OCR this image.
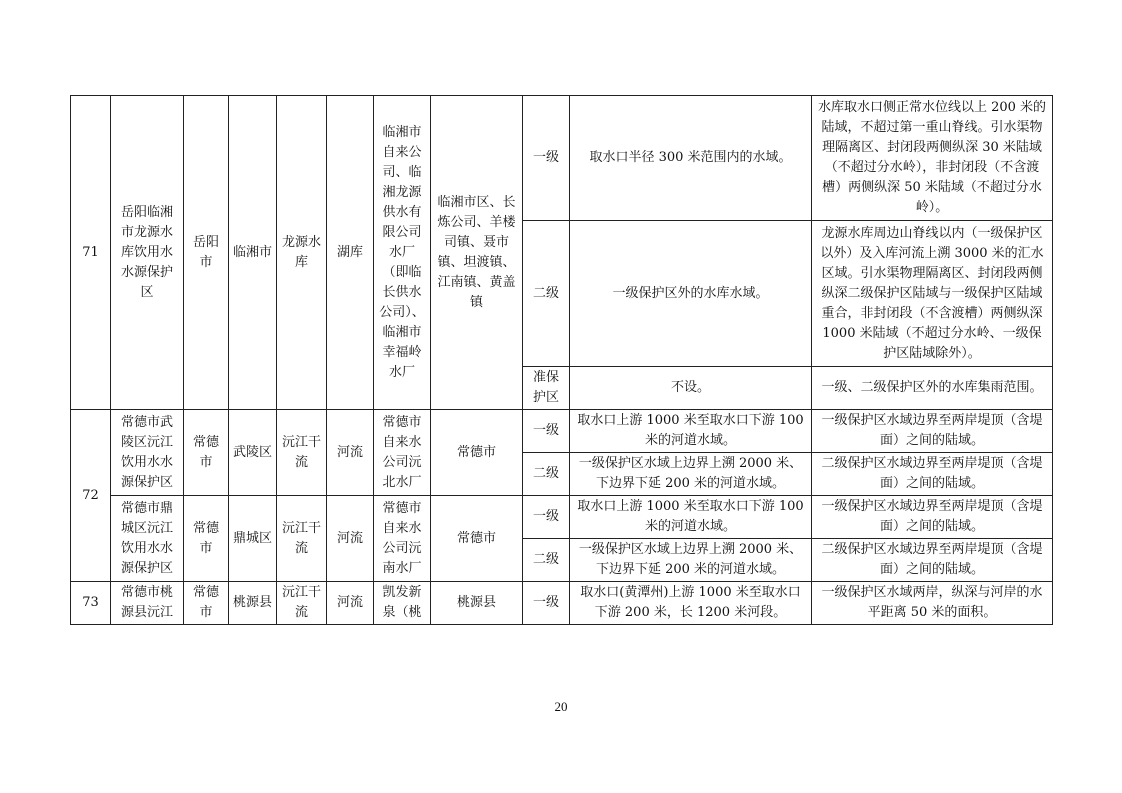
71	岳阳临湘市龙源水库饮用水水源保护区	岳阳市	临湘市	龙源水库	湖库	临湘市自来公司、临湘龙源供水有限公司水厂（即临长供水公司）、临湘市幸福岭水厂	临湘市区、长炼公司、羊楼司镇、聂市镇、坦渡镇、江南镇、黄盖镇	一级	取水口半径 300 米范围内的水域。	水库取水口侧正常水位线以上 200 米的陆域，不超过第一重山脊线。引水渠物理隔离区、封闭段两侧纵深 30 米陆域（不超过分水岭），非封闭段（不含渡槽）两侧纵深 50 米陆域（不超过分水岭）。
								二级	一级保护区外的水库水域。	龙源水库周边山脊线以内（一级保护区以外）及入库河流上溯 3000 米的汇水区域。引水渠物理隔离区、封闭段两侧纵深二级保护区陆域与一级保护区陆域重合，非封闭段（不含渡槽）两侧纵深 1000 米陆域（不超过分水岭、一级保护区陆域除外）。
								准保护区	不设。	一级、二级保护区外的水库集雨范围。
72	常德市武陵区沅江饮用水水源保护区	常德市	武陵区	沅江干流	河流	常德市自来水公司沅北水厂	常德市	一级	取水口上游 1000 米至取水口下游 100 米的河道水域。	一级保护区水域边界至两岸堤顶（含堤面）之间的陆域。
								二级	一级保护区水域上边界上溯 2000 米、下边界下延 200 米的河道水域。	二级保护区水域边界至两岸堤顶（含堤面）之间的陆域。
	常德市鼎城区沅江饮用水水源保护区	常德市	鼎城区	沅江干流	河流	常德市自来水公司沅南水厂	常德市	一级	取水口上游 1000 米至取水口下游 100 米的河道水域。	一级保护区水域边界至两岸堤顶（含堤面）之间的陆域。
								二级	一级保护区水域上边界上溯 2000 米、下边界下延 200 米的河道水域。	二级保护区水域边界至两岸堤顶（含堤面）之间的陆域。
73	常德市桃源县沅江	常德市	桃源县	沅江干流	河流	凯发新泉（桃	桃源县	一级	取水口(黄潭州)上游 1000 米至取水口下游 200 米，长 1200 米河段。	一级保护区水域两岸，纵深与河岸的水平距离 50 米的面积。
20
